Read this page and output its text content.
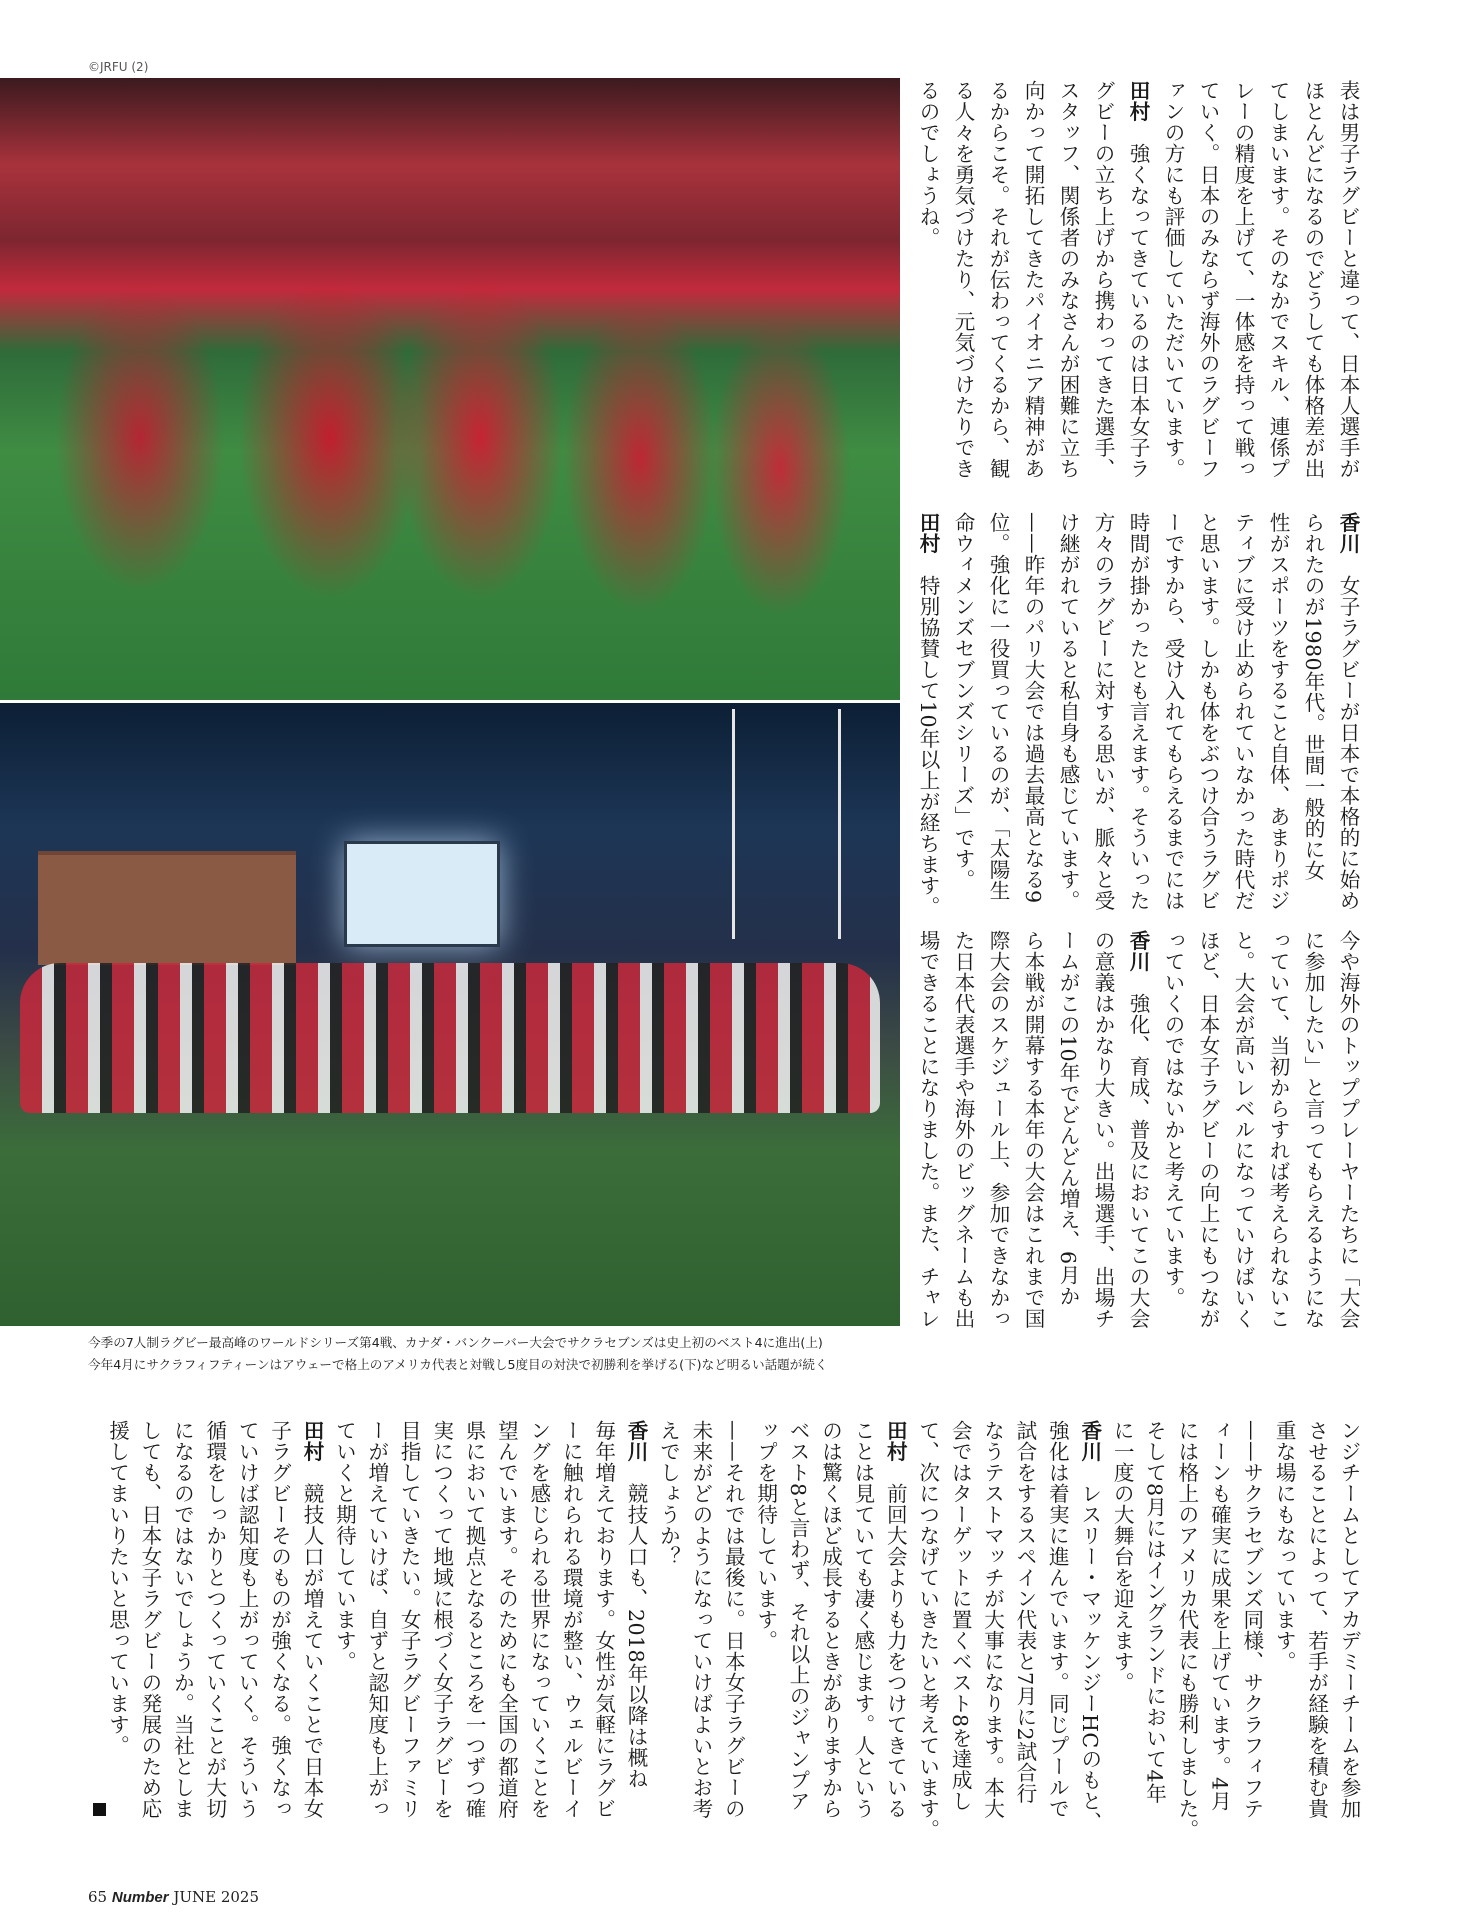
©JRFU (2)
今季の7人制ラグビー最高峰のワールドシリーズ第4戦、カナダ・バンクーバー大会でサクラセブンズは史上初のベスト4に進出(上)
今年4月にサクラフィフティーンはアウェーで格上のアメリカ代表と対戦し5度目の対決で初勝利を挙げる(下)など明るい話題が続く
表は男子ラグビーと違って、日本人選手が
ほとんどになるのでどうしても体格差が出
てしまいます。そのなかでスキル、連係プ
レーの精度を上げて、一体感を持って戦っ
ていく。日本のみならず海外のラグビーフ
ァンの方にも評価していただいています。
田村　強くなってきているのは日本女子ラ
グビーの立ち上げから携わってきた選手、
スタッフ、関係者のみなさんが困難に立ち
向かって開拓してきたパイオニア精神があ
るからこそ。それが伝わってくるから、観
る人々を勇気づけたり、元気づけたりでき
るのでしょうね。
香川　女子ラグビーが日本で本格的に始め
られたのが1980年代。世間一般的に女
性がスポーツをすること自体、あまりポジ
ティブに受け止められていなかった時代だ
と思います。しかも体をぶつけ合うラグビ
ーですから、受け入れてもらえるまでには
時間が掛かったとも言えます。そういった
方々のラグビーに対する思いが、脈々と受
け継がれていると私自身も感じています。
——昨年のパリ大会では過去最高となる9
位。強化に一役買っているのが、「太陽生
命ウィメンズセブンズシリーズ」です。
田村　特別協賛して10年以上が経ちます。
今や海外のトッププレーヤーたちに「大会
に参加したい」と言ってもらえるようにな
っていて、当初からすれば考えられないこ
と。大会が高いレベルになっていけばいく
ほど、日本女子ラグビーの向上にもつなが
っていくのではないかと考えています。
香川　強化、育成、普及においてこの大会
の意義はかなり大きい。出場選手、出場チ
ームがこの10年でどんどん増え、6月か
ら本戦が開幕する本年の大会はこれまで国
際大会のスケジュール上、参加できなかっ
た日本代表選手や海外のビッグネームも出
場できることになりました。また、チャレ
ンジチームとしてアカデミーチームを参加
させることによって、若手が経験を積む貴
重な場にもなっています。
——サクラセブンズ同様、サクラフィフテ
ィーンも確実に成果を上げています。4月
には格上のアメリカ代表にも勝利しました。
そして8月にはイングランドにおいて4年
に一度の大舞台を迎えます。
香川　レスリー・マッケンジーHCのもと、
強化は着実に進んでいます。同じプールで
試合をするスペイン代表と7月に2試合行
なうテストマッチが大事になります。本大
会ではターゲットに置くベスト8を達成し
て、次につなげていきたいと考えています。
田村　前回大会よりも力をつけてきている
ことは見ていても凄く感じます。人という
のは驚くほど成長するときがありますから
ベスト8と言わず、それ以上のジャンプア
ップを期待しています。
——それでは最後に。日本女子ラグビーの
未来がどのようになっていけばよいとお考
えでしょうか？
香川　競技人口も、2018年以降は概ね
毎年増えております。女性が気軽にラグビ
ーに触れられる環境が整い、ウェルビーイ
ングを感じられる世界になっていくことを
望んでいます。そのためにも全国の都道府
県において拠点となるところを一つずつ確
実につくって地域に根づく女子ラグビーを
目指していきたい。女子ラグビーファミリ
ーが増えていけば、自ずと認知度も上がっ
ていくと期待しています。
田村　競技人口が増えていくことで日本女
子ラグビーそのものが強くなる。強くなっ
ていけば認知度も上がっていく。そういう
循環をしっかりとつくっていくことが大切
になるのではないでしょうか。当社としま
しても、日本女子ラグビーの発展のため応
援してまいりたいと思っています。
65 Number JUNE 2025
